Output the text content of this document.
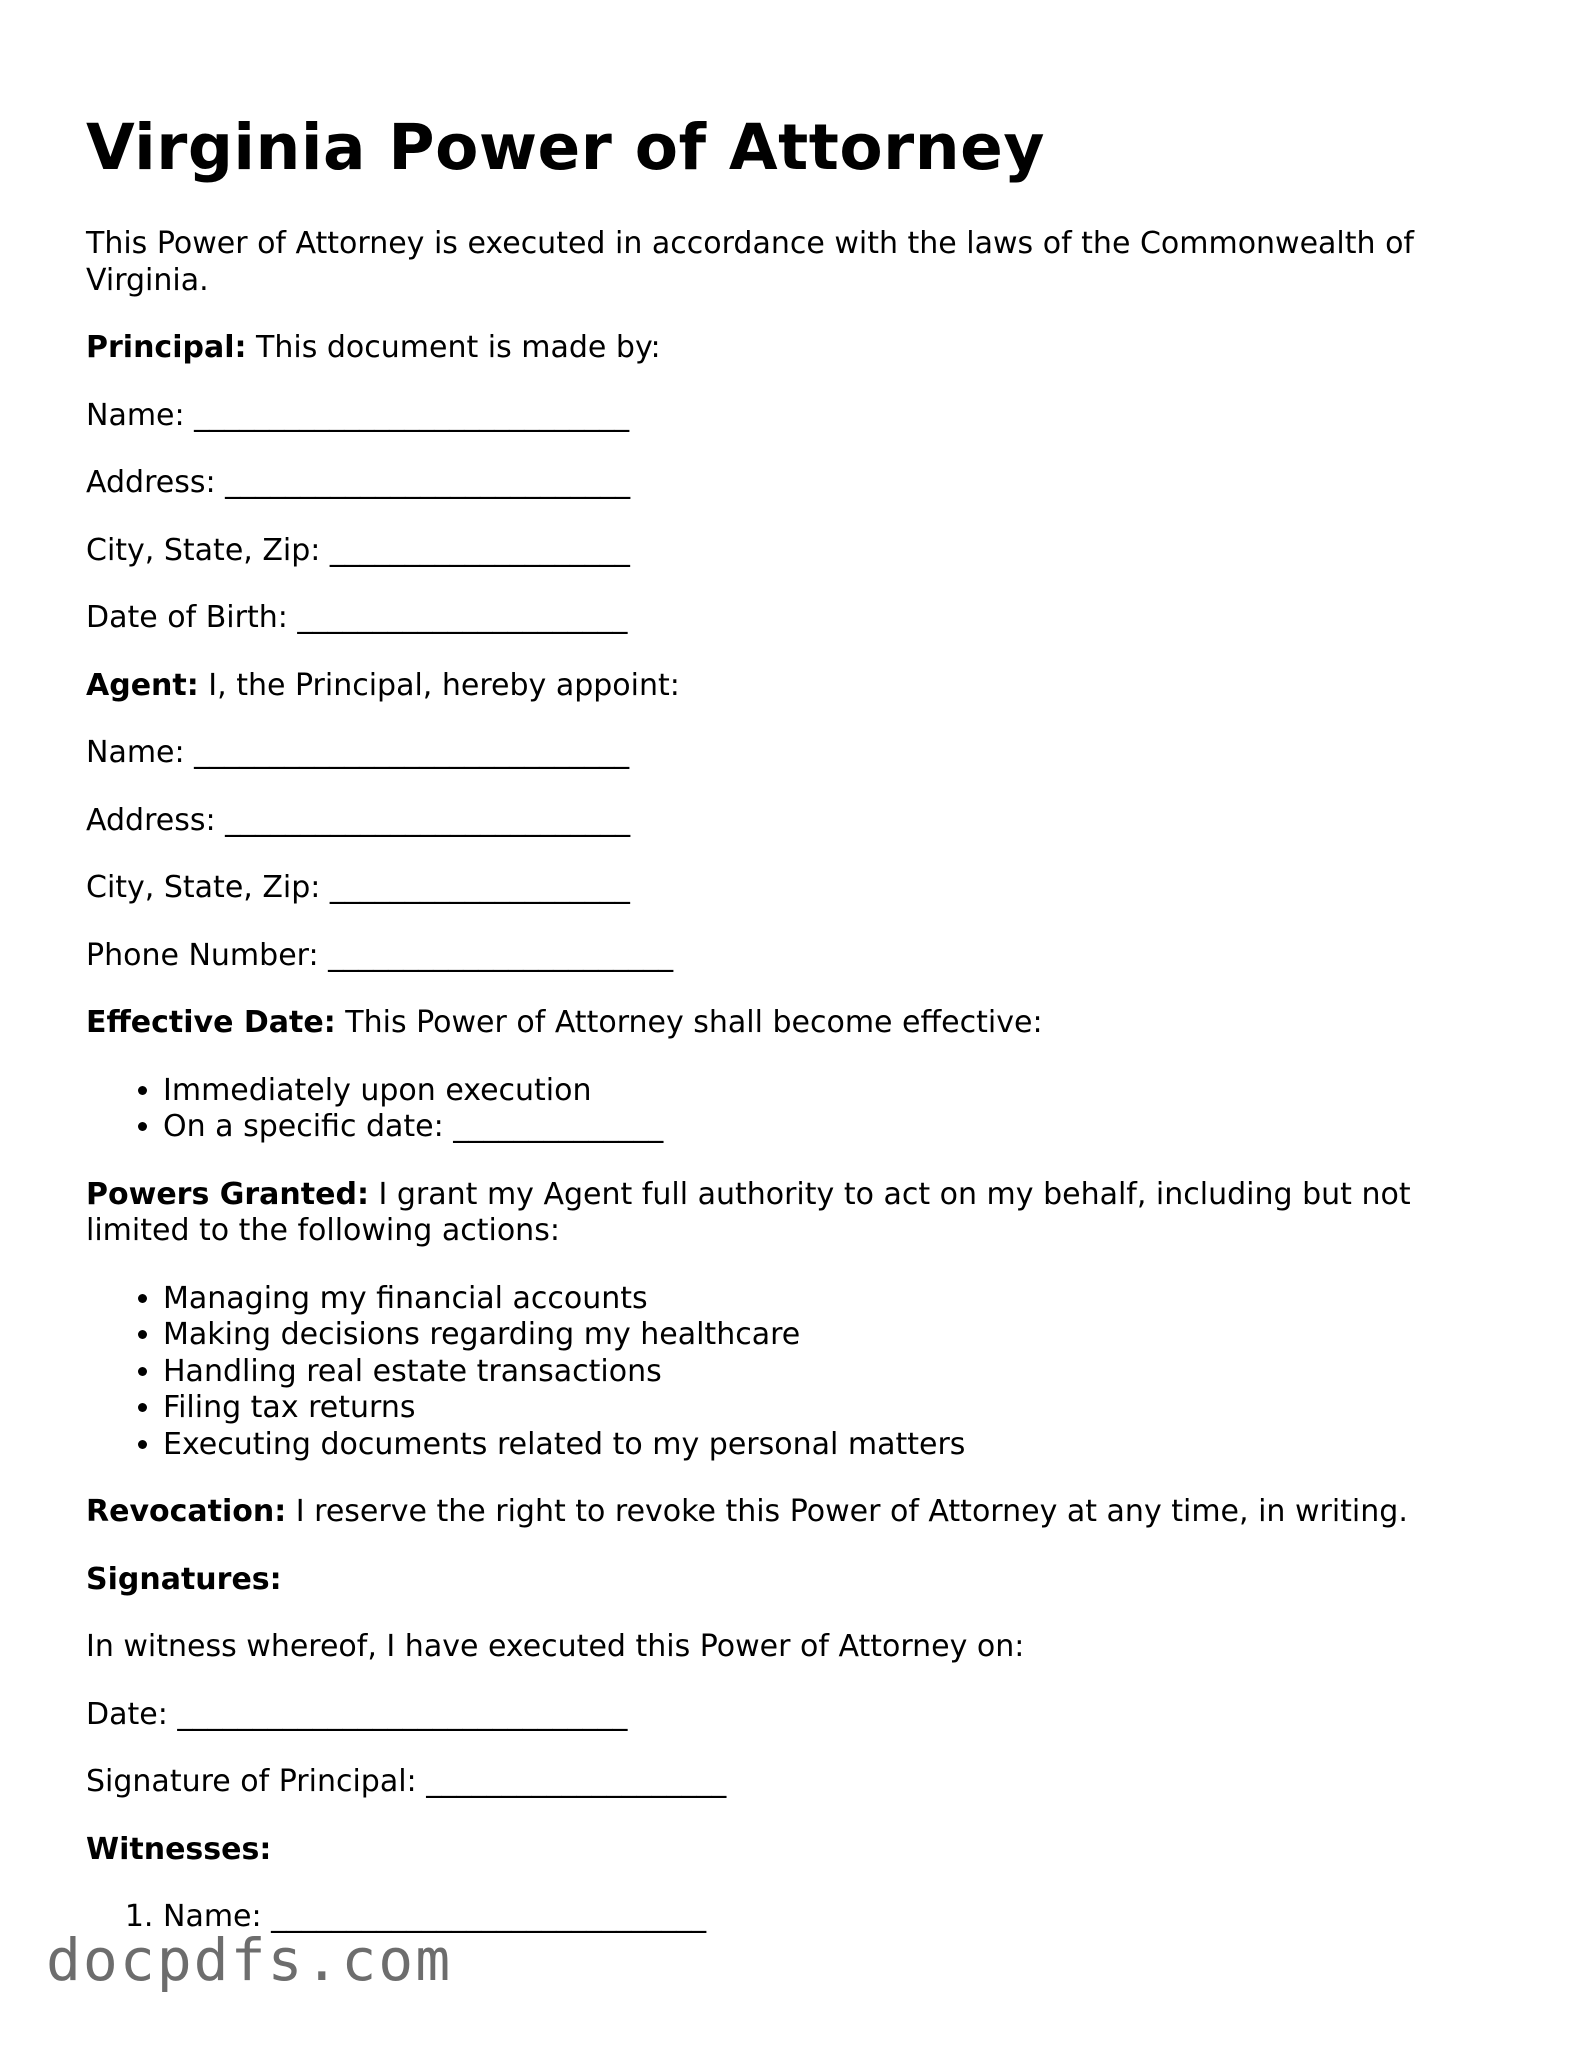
Virginia Power of Attorney

This Power of Attorney is executed in accordance with the laws of the Commonwealth of Virginia.

Principal: This document is made by:

Name: _____________________________

Address: ___________________________

City, State, Zip: ____________________

Date of Birth: ______________________

Agent: I, the Principal, hereby appoint:

Name: _____________________________

Address: ___________________________

City, State, Zip: ____________________

Phone Number: _______________________

Effective Date: This Power of Attorney shall become effective:

• Immediately upon execution
• On a specific date: ______________

Powers Granted: I grant my Agent full authority to act on my behalf, including but not limited to the following actions:

• Managing my financial accounts
• Making decisions regarding my healthcare
• Handling real estate transactions
• Filing tax returns
• Executing documents related to my personal matters

Revocation: I reserve the right to revoke this Power of Attorney at any time, in writing.

Signatures:

In witness whereof, I have executed this Power of Attorney on:

Date: ______________________________

Signature of Principal: ____________________

Witnesses:

1. Name: _____________________________
docpdfs.com
